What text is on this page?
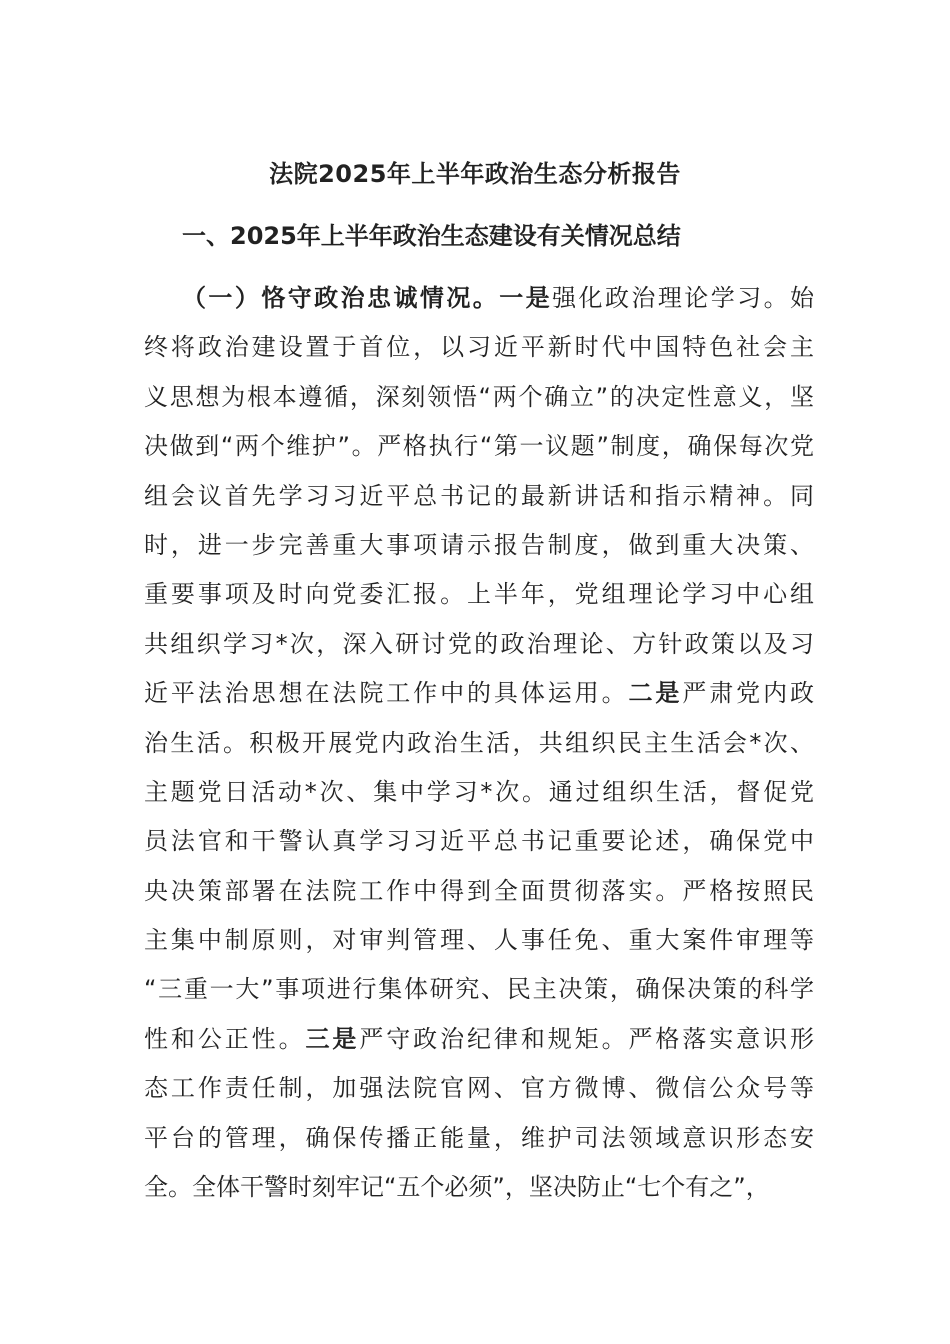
法院2025年上半年政治生态分析报告
一、2025年上半年政治生态建设有关情况总结
（一）恪守政治忠诚情况。一是强化政治理论学习。始
终将政治建设置于首位，以习近平新时代中国特色社会主
义思想为根本遵循，深刻领悟“两个确立”的决定性意义，坚
决做到“两个维护”。严格执行“第一议题”制度，确保每次党
组会议首先学习习近平总书记的最新讲话和指示精神。同
时，进一步完善重大事项请示报告制度，做到重大决策、
重要事项及时向党委汇报。上半年，党组理论学习中心组
共组织学习*次，深入研讨党的政治理论、方针政策以及习
近平法治思想在法院工作中的具体运用。二是严肃党内政
治生活。积极开展党内政治生活，共组织民主生活会*次、
主题党日活动*次、集中学习*次。通过组织生活，督促党
员法官和干警认真学习习近平总书记重要论述，确保党中
央决策部署在法院工作中得到全面贯彻落实。严格按照民
主集中制原则，对审判管理、人事任免、重大案件审理等
“三重一大”事项进行集体研究、民主决策，确保决策的科学
性和公正性。三是严守政治纪律和规矩。严格落实意识形
态工作责任制，加强法院官网、官方微博、微信公众号等
平台的管理，确保传播正能量，维护司法领域意识形态安
全。全体干警时刻牢记“五个必须”，坚决防止“七个有之”，
